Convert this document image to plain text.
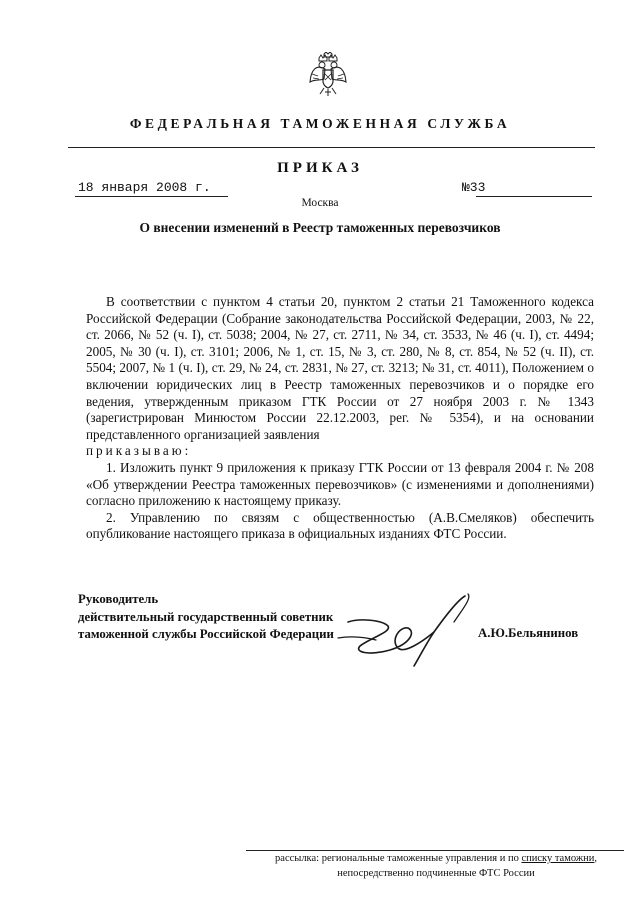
ФЕДЕРАЛЬНАЯ ТАМОЖЕННАЯ СЛУЖБА
ПРИКАЗ
18 января 2008 г.	№33
Москва
О внесении изменений в Реестр таможенных перевозчиков

В соответствии с пунктом 4 статьи 20, пунктом 2 статьи 21 Таможенного кодекса Российской Федерации (Собрание законодательства Российской Федерации, 2003, № 22, ст. 2066, № 52 (ч. I), ст. 5038; 2004, № 27, ст. 2711, № 34, ст. 3533, № 46 (ч. I), ст. 4494; 2005, № 30 (ч. I), ст. 3101; 2006, № 1, ст. 15, № 3, ст. 280, № 8, ст. 854, № 52 (ч. II), ст. 5504; 2007, № 1 (ч. I), ст. 29, № 24, ст. 2831, № 27, ст. 3213; № 31, ст. 4011), Положением о включении юридических лиц в Реестр таможенных перевозчиков и о порядке его ведения, утвержденным приказом ГТК России от 27 ноября 2003 г. № 1343 (зарегистрирован Минюстом России 22.12.2003, рег. № 5354), и на основании представленного организацией заявления

приказываю:

1. Изложить пункт 9 приложения к приказу ГТК России от 13 февраля 2004 г. № 208 «Об утверждении Реестра таможенных перевозчиков» (с изменениями и дополнениями) согласно приложению к настоящему приказу.

2. Управлению по связям с общественностью (А.В.Смеляков) обеспечить опубликование настоящего приказа в официальных изданиях ФТС России.

Руководитель
действительный государственный советник
таможенной службы Российской Федерации	А.Ю.Бельянинов
рассылка: региональные таможенные управления и по списку таможни,
непосредственно подчиненные ФТС России
